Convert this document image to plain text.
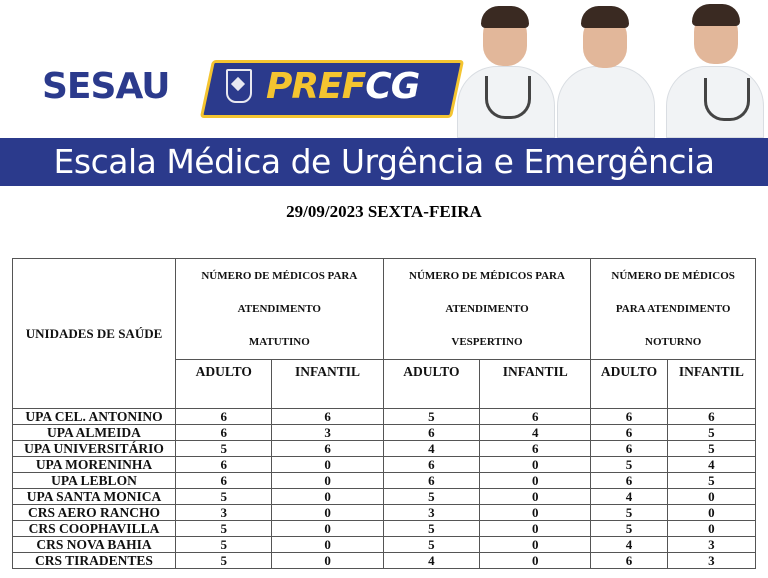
SESAU	PREFCG
Escala Médica de Urgência e Emergência
29/09/2023 SEXTA-FEIRA
UNIDADES DE SAÚDE	
NÚMERO DE MÉDICOS PARA
ATENDIMENTO
MATUTINO

NÚMERO DE MÉDICOS PARA
ATENDIMENTO
VESPERTINO

NÚMERO DE MÉDICOS
PARA ATENDIMENTO
NOTURNO

	ADULTO	INFANTIL	ADULTO	INFANTIL	ADULTO	INFANTIL
UPA CEL. ANTONINO	6	6	5	6	6	6
UPA ALMEIDA	6	3	6	4	6	5
UPA UNIVERSITÁRIO	5	6	4	6	6	5
UPA MORENINHA	6	0	6	0	5	4
UPA LEBLON	6	0	6	0	6	5
UPA SANTA MONICA	5	0	5	0	4	0
CRS AERO RANCHO	3	0	3	0	5	0
CRS COOPHAVILLA	5	0	5	0	5	0
CRS NOVA BAHIA	5	0	5	0	4	3
CRS TIRADENTES	5	0	4	0	6	3
